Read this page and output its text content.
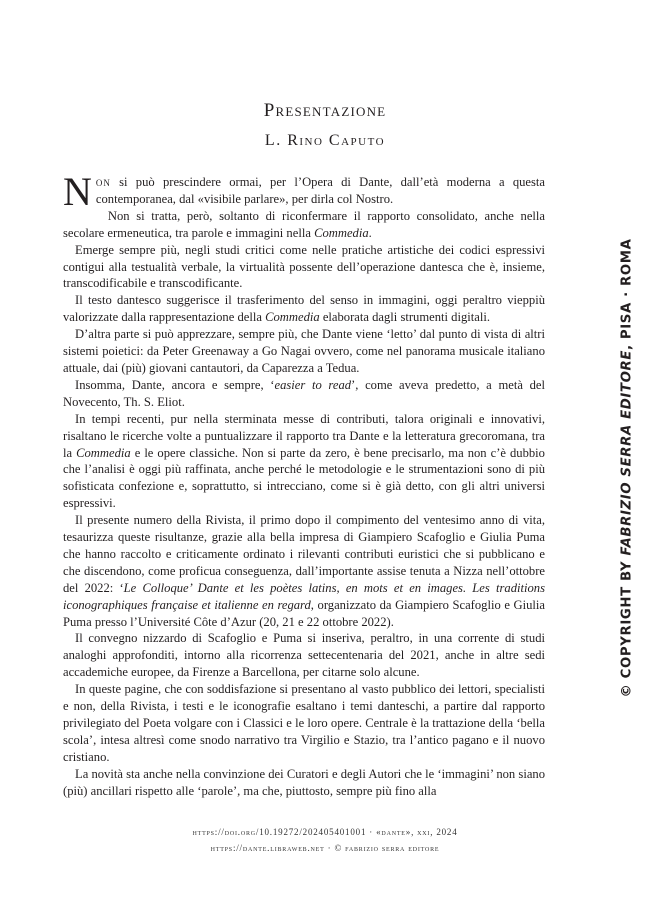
Presentazione
L. Rino Caputo

Non si può prescindere ormai, per l’Opera di Dante, dall’età moderna a questa contemporanea, dal «visibile parlare», per dirla col Nostro.

Non si tratta, però, soltanto di riconfermare il rapporto consolidato, anche nella secolare ermeneutica, tra parole e immagini nella Commedia.

Emerge sempre più, negli studi critici come nelle pratiche artistiche dei codici espressivi contigui alla testualità verbale, la virtualità possente dell’operazione dantesca che è, insieme, transcodificabile e transcodificante.

Il testo dantesco suggerisce il trasferimento del senso in immagini, oggi peraltro vieppiù valorizzate dalla rappresentazione della Commedia elaborata dagli strumenti digitali.

D’altra parte si può apprezzare, sempre più, che Dante viene ‘letto’ dal punto di vista di altri sistemi poietici: da Peter Greenaway a Go Nagai ovvero, come nel panorama musicale italiano attuale, dai (più) giovani cantautori, da Caparezza a Tedua.

Insomma, Dante, ancora e sempre, ‘easier to read’, come aveva predetto, a metà del Novecento, Th. S. Eliot.

In tempi recenti, pur nella sterminata messe di contributi, talora originali e innovativi, risaltano le ricerche volte a puntualizzare il rapporto tra Dante e la letteratura grecoromana, tra la Commedia e le opere classiche. Non si parte da zero, è bene precisarlo, ma non c’è dubbio che l’analisi è oggi più raffinata, anche perché le metodologie e le strumentazioni sono di più sofisticata confezione e, soprattutto, si intrecciano, come si è già detto, con gli altri universi espressivi.

Il presente numero della Rivista, il primo dopo il compimento del ventesimo anno di vita, tesaurizza queste risultanze, grazie alla bella impresa di Giampiero Scafoglio e Giulia Puma che hanno raccolto e criticamente ordinato i rilevanti contributi euristici che si pubblicano e che discendono, come proficua conseguenza, dall’importante assise tenuta a Nizza nell’ottobre del 2022: ‘Le Colloque’ Dante et les poètes latins, en mots et en images. Les traditions iconographiques française et italienne en regard, organizzato da Giampiero Scafoglio e Giulia Puma presso l’Université Côte d’Azur (20, 21 e 22 ottobre 2022).

Il convegno nizzardo di Scafoglio e Puma si inseriva, peraltro, in una corrente di studi analoghi approfonditi, intorno alla ricorrenza settecentenaria del 2021, anche in altre sedi accademiche europee, da Firenze a Barcellona, per citarne solo alcune.

In queste pagine, che con soddisfazione si presentano al vasto pubblico dei lettori, specialisti e non, della Rivista, i testi e le iconografie esaltano i temi danteschi, a partire dal rapporto privilegiato del Poeta volgare con i Classici e le loro opere. Centrale è la trattazione della ‘bella scola’, intesa altresì come snodo narrativo tra Virgilio e Stazio, tra l’antico pagano e il nuovo cristiano.

La novità sta anche nella convinzione dei Curatori e degli Autori che le ‘immagini’ non siano (più) ancillari rispetto alle ‘parole’, ma che, piuttosto, sempre più fino alla

https://doi.org/10.19272/202405401001 · «dante», xxi, 2024
https://dante.libraweb.net · © fabrizio serra editore
© COPYRIGHT BY FABRIZIO SERRA EDITORE, PISA · ROMA
